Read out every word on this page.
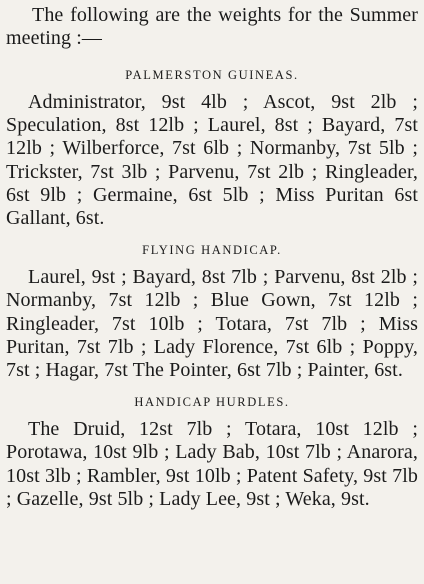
The following are the weights for the Summer meeting :—

PALMERSTON GUINEAS.

Administrator, 9st 4lb ; Ascot, 9st 2lb ; Speculation, 8st 12lb ; Laurel, 8st ; Bayard, 7st 12lb ; Wilberforce, 7st 6lb ; Normanby, 7st 5lb ; Trickster, 7st 3lb ; Parvenu, 7st 2lb ; Ringleader, 6st 9lb ; Germaine, 6st 5lb ; Miss Puritan 6st Gallant, 6st.

FLYING HANDICAP.

Laurel, 9st ; Bayard, 8st 7lb ; Parvenu, 8st 2lb ; Normanby, 7st 12lb ; Blue Gown, 7st 12lb ; Ringleader, 7st 10lb ; Totara, 7st 7lb ; Miss Puritan, 7st 7lb ; Lady Florence, 7st 6lb ; Poppy, 7st ; Hagar, 7st The Pointer, 6st 7lb ; Painter, 6st.

HANDICAP HURDLES.

The Druid, 12st 7lb ; Totara, 10st 12lb ; Porotawa, 10st 9lb ; Lady Bab, 10st 7lb ; Anarora, 10st 3lb ; Rambler, 9st 10lb ; Patent Safety, 9st 7lb ; Gazelle, 9st 5lb ; Lady Lee, 9st ; Weka, 9st.
